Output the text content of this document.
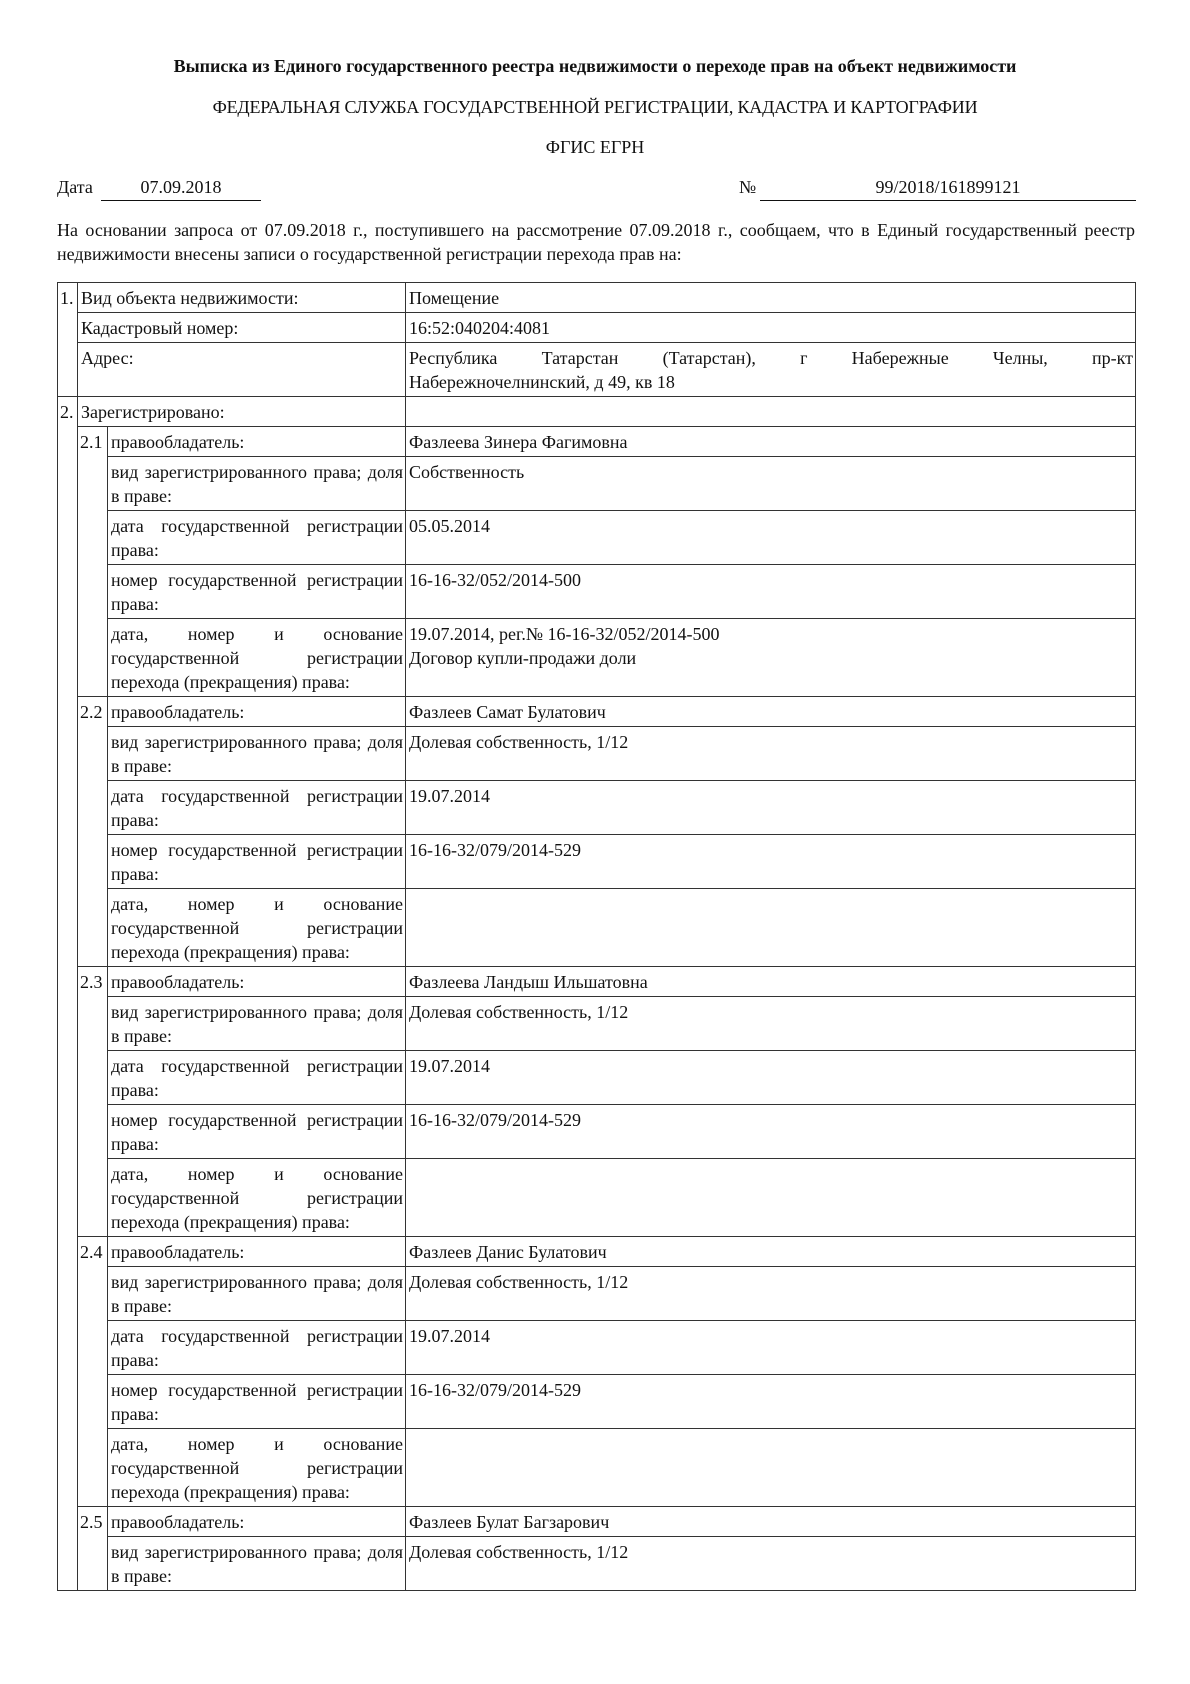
Выписка из Единого государственного реестра недвижимости о переходе прав на объект недвижимости
ФЕДЕРАЛЬНАЯ СЛУЖБА ГОСУДАРСТВЕННОЙ РЕГИСТРАЦИИ, КАДАСТРА И КАРТОГРАФИИ
ФГИС ЕГРН
Дата	07.09.2018	№	99/2018/161899121
На основании запроса от 07.09.2018 г., поступившего на рассмотрение 07.09.2018 г., сообщаем, что в Единый государственный реестр недвижимости внесены записи о государственной регистрации перехода прав на:
1.	Вид объекта недвижимости:		Помещение
	Кадастровый номер:		16:52:040204:4081
	Адрес:		Республика Татарстан (Татарстан), г Набережные Челны, пр-кт
Набережночелнинский, д 49, кв 18

2.	Зарегистрировано:		
	2.1	правообладатель:	Фазлеева Зинера Фагимовна

		вид зарегистрированного права; доля
в праве:	Собственность

		дата государственной регистрации
права:	05.05.2014

		номер государственной регистрации
права:	16-16-32/052/2014-500

		дата, номер и основание
государственной регистрации
перехода (прекращения) права:	19.07.2014, рег.№ 16-16-32/052/2014-500
Договор купли-продажи доли

	2.2	правообладатель:	Фазлеев Самат Булатович

		вид зарегистрированного права; доля
в праве:	Долевая собственность, 1/12

		дата государственной регистрации
права:	19.07.2014

		номер государственной регистрации
права:	16-16-32/079/2014-529

		дата, номер и основание
государственной регистрации
перехода (прекращения) права:	

	2.3	правообладатель:	Фазлеева Ландыш Ильшатовна

		вид зарегистрированного права; доля
в праве:	Долевая собственность, 1/12

		дата государственной регистрации
права:	19.07.2014

		номер государственной регистрации
права:	16-16-32/079/2014-529

		дата, номер и основание
государственной регистрации
перехода (прекращения) права:	

	2.4	правообладатель:	Фазлеев Данис Булатович

		вид зарегистрированного права; доля
в праве:	Долевая собственность, 1/12

		дата государственной регистрации
права:	19.07.2014

		номер государственной регистрации
права:	16-16-32/079/2014-529

		дата, номер и основание
государственной регистрации
перехода (прекращения) права:	

	2.5	правообладатель:	Фазлеев Булат Багзарович

		вид зарегистрированного права; доля
в праве:	Долевая собственность, 1/12
